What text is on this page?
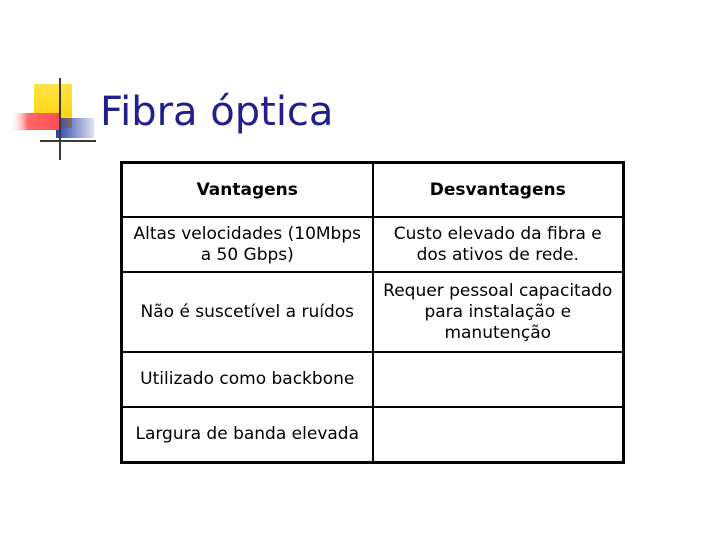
Fibra óptica
Vantagens	Desvantagens
Altas velocidades (10Mbps a 50 Gbps)	Custo elevado da fibra e dos ativos de rede.
Não é suscetível a ruídos	Requer pessoal capacitado para instalação e manutenção
Utilizado como backbone	
Largura de banda elevada	
